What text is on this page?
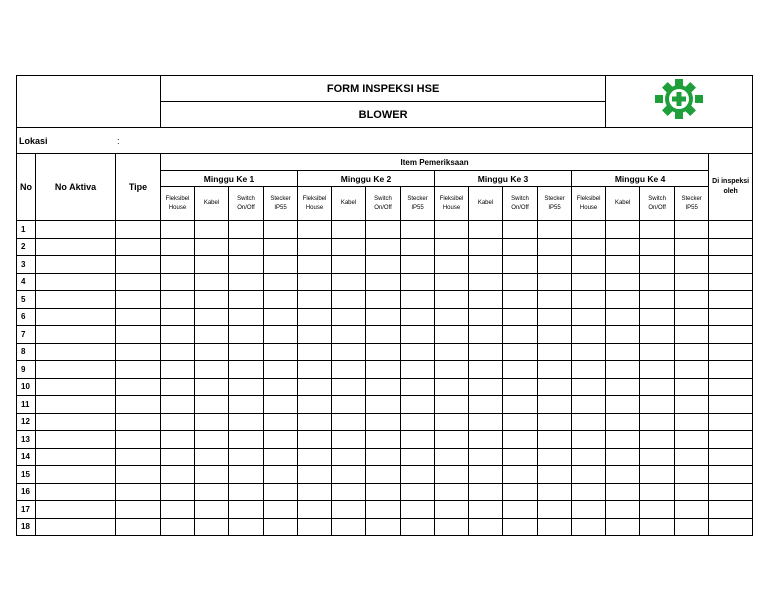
			FORM INSPEKSI HSE	
			BLOWER																
Lokasi :																			

No	No Aktiva	Tipe	Item Pemeriksaan																Di inspeksi oleh
			Minggu Ke 1				Minggu Ke 2				Minggu Ke 3				Minggu Ke 4				
			Fleksibel House	Kabel	Switch On/Off	Stecker IP55	Fleksibel House	Kabel	Switch On/Off	Stecker IP55	Fleksibel House	Kabel	Switch On/Off	Stecker IP55	Fleksibel House	Kabel	Switch On/Off	Stecker IP55	
1																			
2																			
3																			
4																			
5																			
6																			
7																			
8																			
9																			
10																			
11																			
12																			
13																			
14																			
15																			
16																			
17																			
18																			
